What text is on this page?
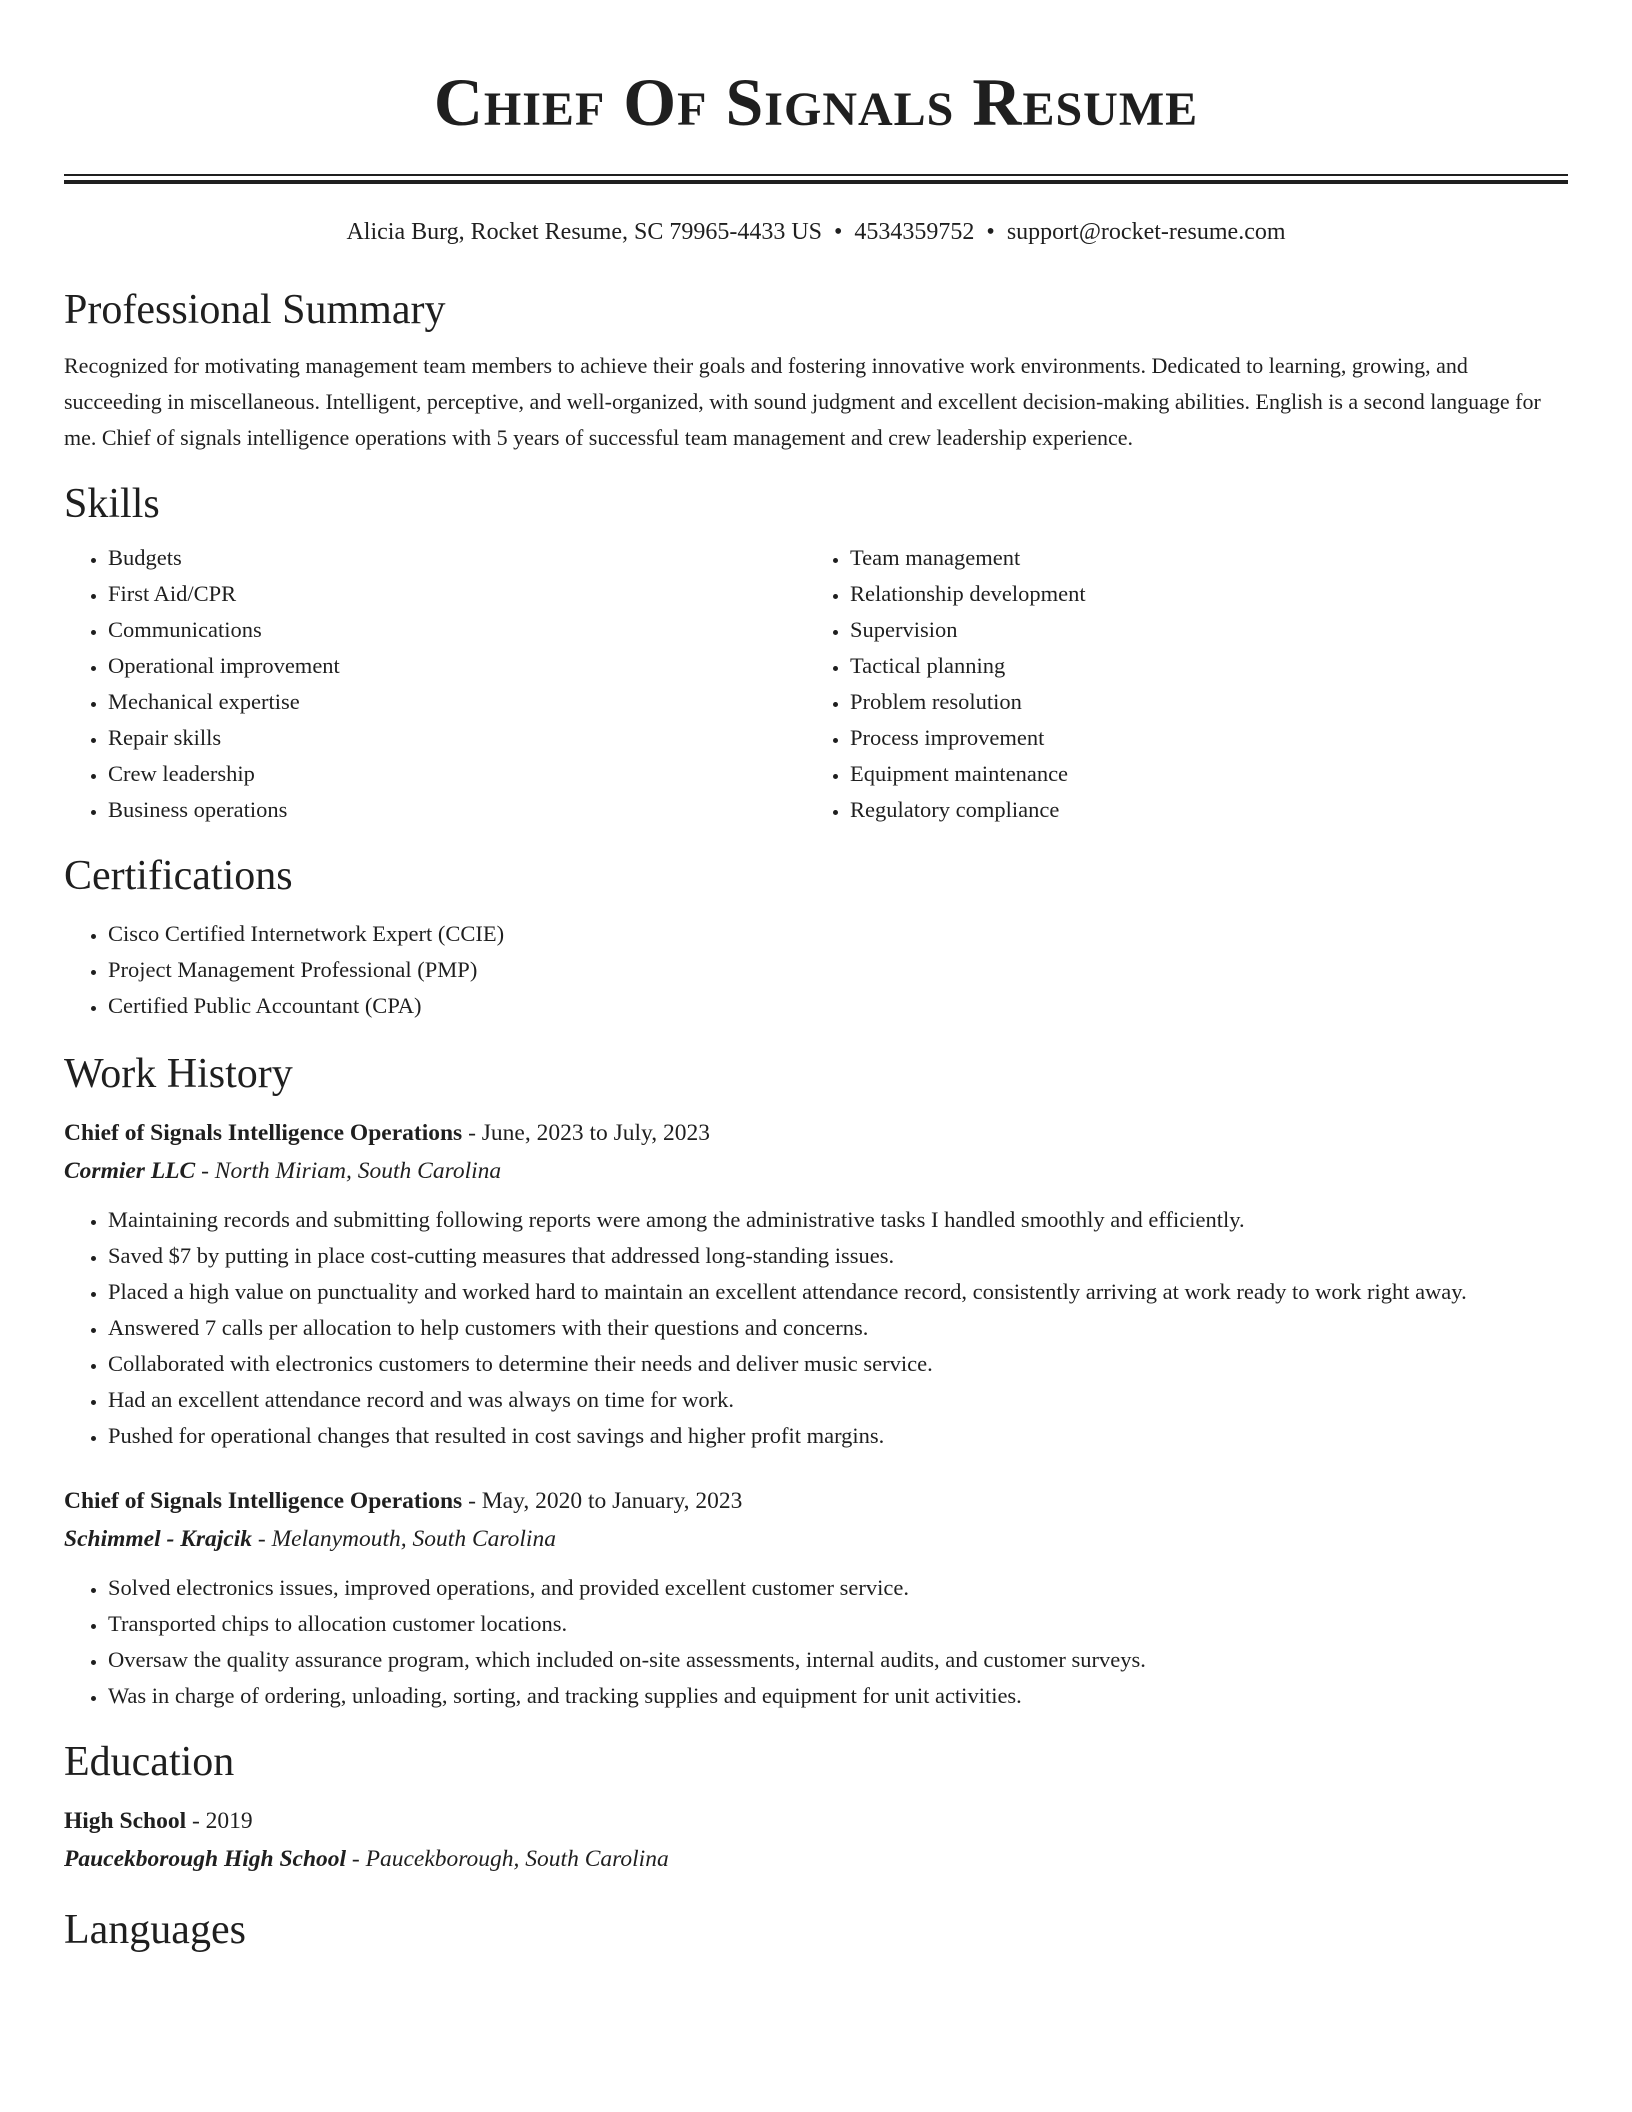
Chief Of Signals Resume
Alicia Burg, Rocket Resume, SC 79965-4433 US • 4534359752 • support@rocket-resume.com
Professional Summary

Recognized for motivating management team members to achieve their goals and fostering innovative work environments. Dedicated to learning, growing, and succeeding in miscellaneous. Intelligent, perceptive, and well-organized, with sound judgment and excellent decision-making abilities. English is a second language for me. Chief of signals intelligence operations with 5 years of successful team management and crew leadership experience.

Skills
• Budgets
• First Aid/CPR
• Communications
• Operational improvement
• Mechanical expertise
• Repair skills
• Crew leadership
• Business operations
• Team management
• Relationship development
• Supervision
• Tactical planning
• Problem resolution
• Process improvement
• Equipment maintenance
• Regulatory compliance
Certifications
• Cisco Certified Internetwork Expert (CCIE)
• Project Management Professional (PMP)
• Certified Public Accountant (CPA)
Work History
Chief of Signals Intelligence Operations - June, 2023 to July, 2023
Cormier LLC - North Miriam, South Carolina
• Maintaining records and submitting following reports were among the administrative tasks I handled smoothly and efficiently.
• Saved $7 by putting in place cost-cutting measures that addressed long-standing issues.
• Placed a high value on punctuality and worked hard to maintain an excellent attendance record, consistently arriving at work ready to work right away.
• Answered 7 calls per allocation to help customers with their questions and concerns.
• Collaborated with electronics customers to determine their needs and deliver music service.
• Had an excellent attendance record and was always on time for work.
• Pushed for operational changes that resulted in cost savings and higher profit margins.
Chief of Signals Intelligence Operations - May, 2020 to January, 2023
Schimmel - Krajcik - Melanymouth, South Carolina
• Solved electronics issues, improved operations, and provided excellent customer service.
• Transported chips to allocation customer locations.
• Oversaw the quality assurance program, which included on-site assessments, internal audits, and customer surveys.
• Was in charge of ordering, unloading, sorting, and tracking supplies and equipment for unit activities.
Education
High School - 2019
Paucekborough High School - Paucekborough, South Carolina
Languages
